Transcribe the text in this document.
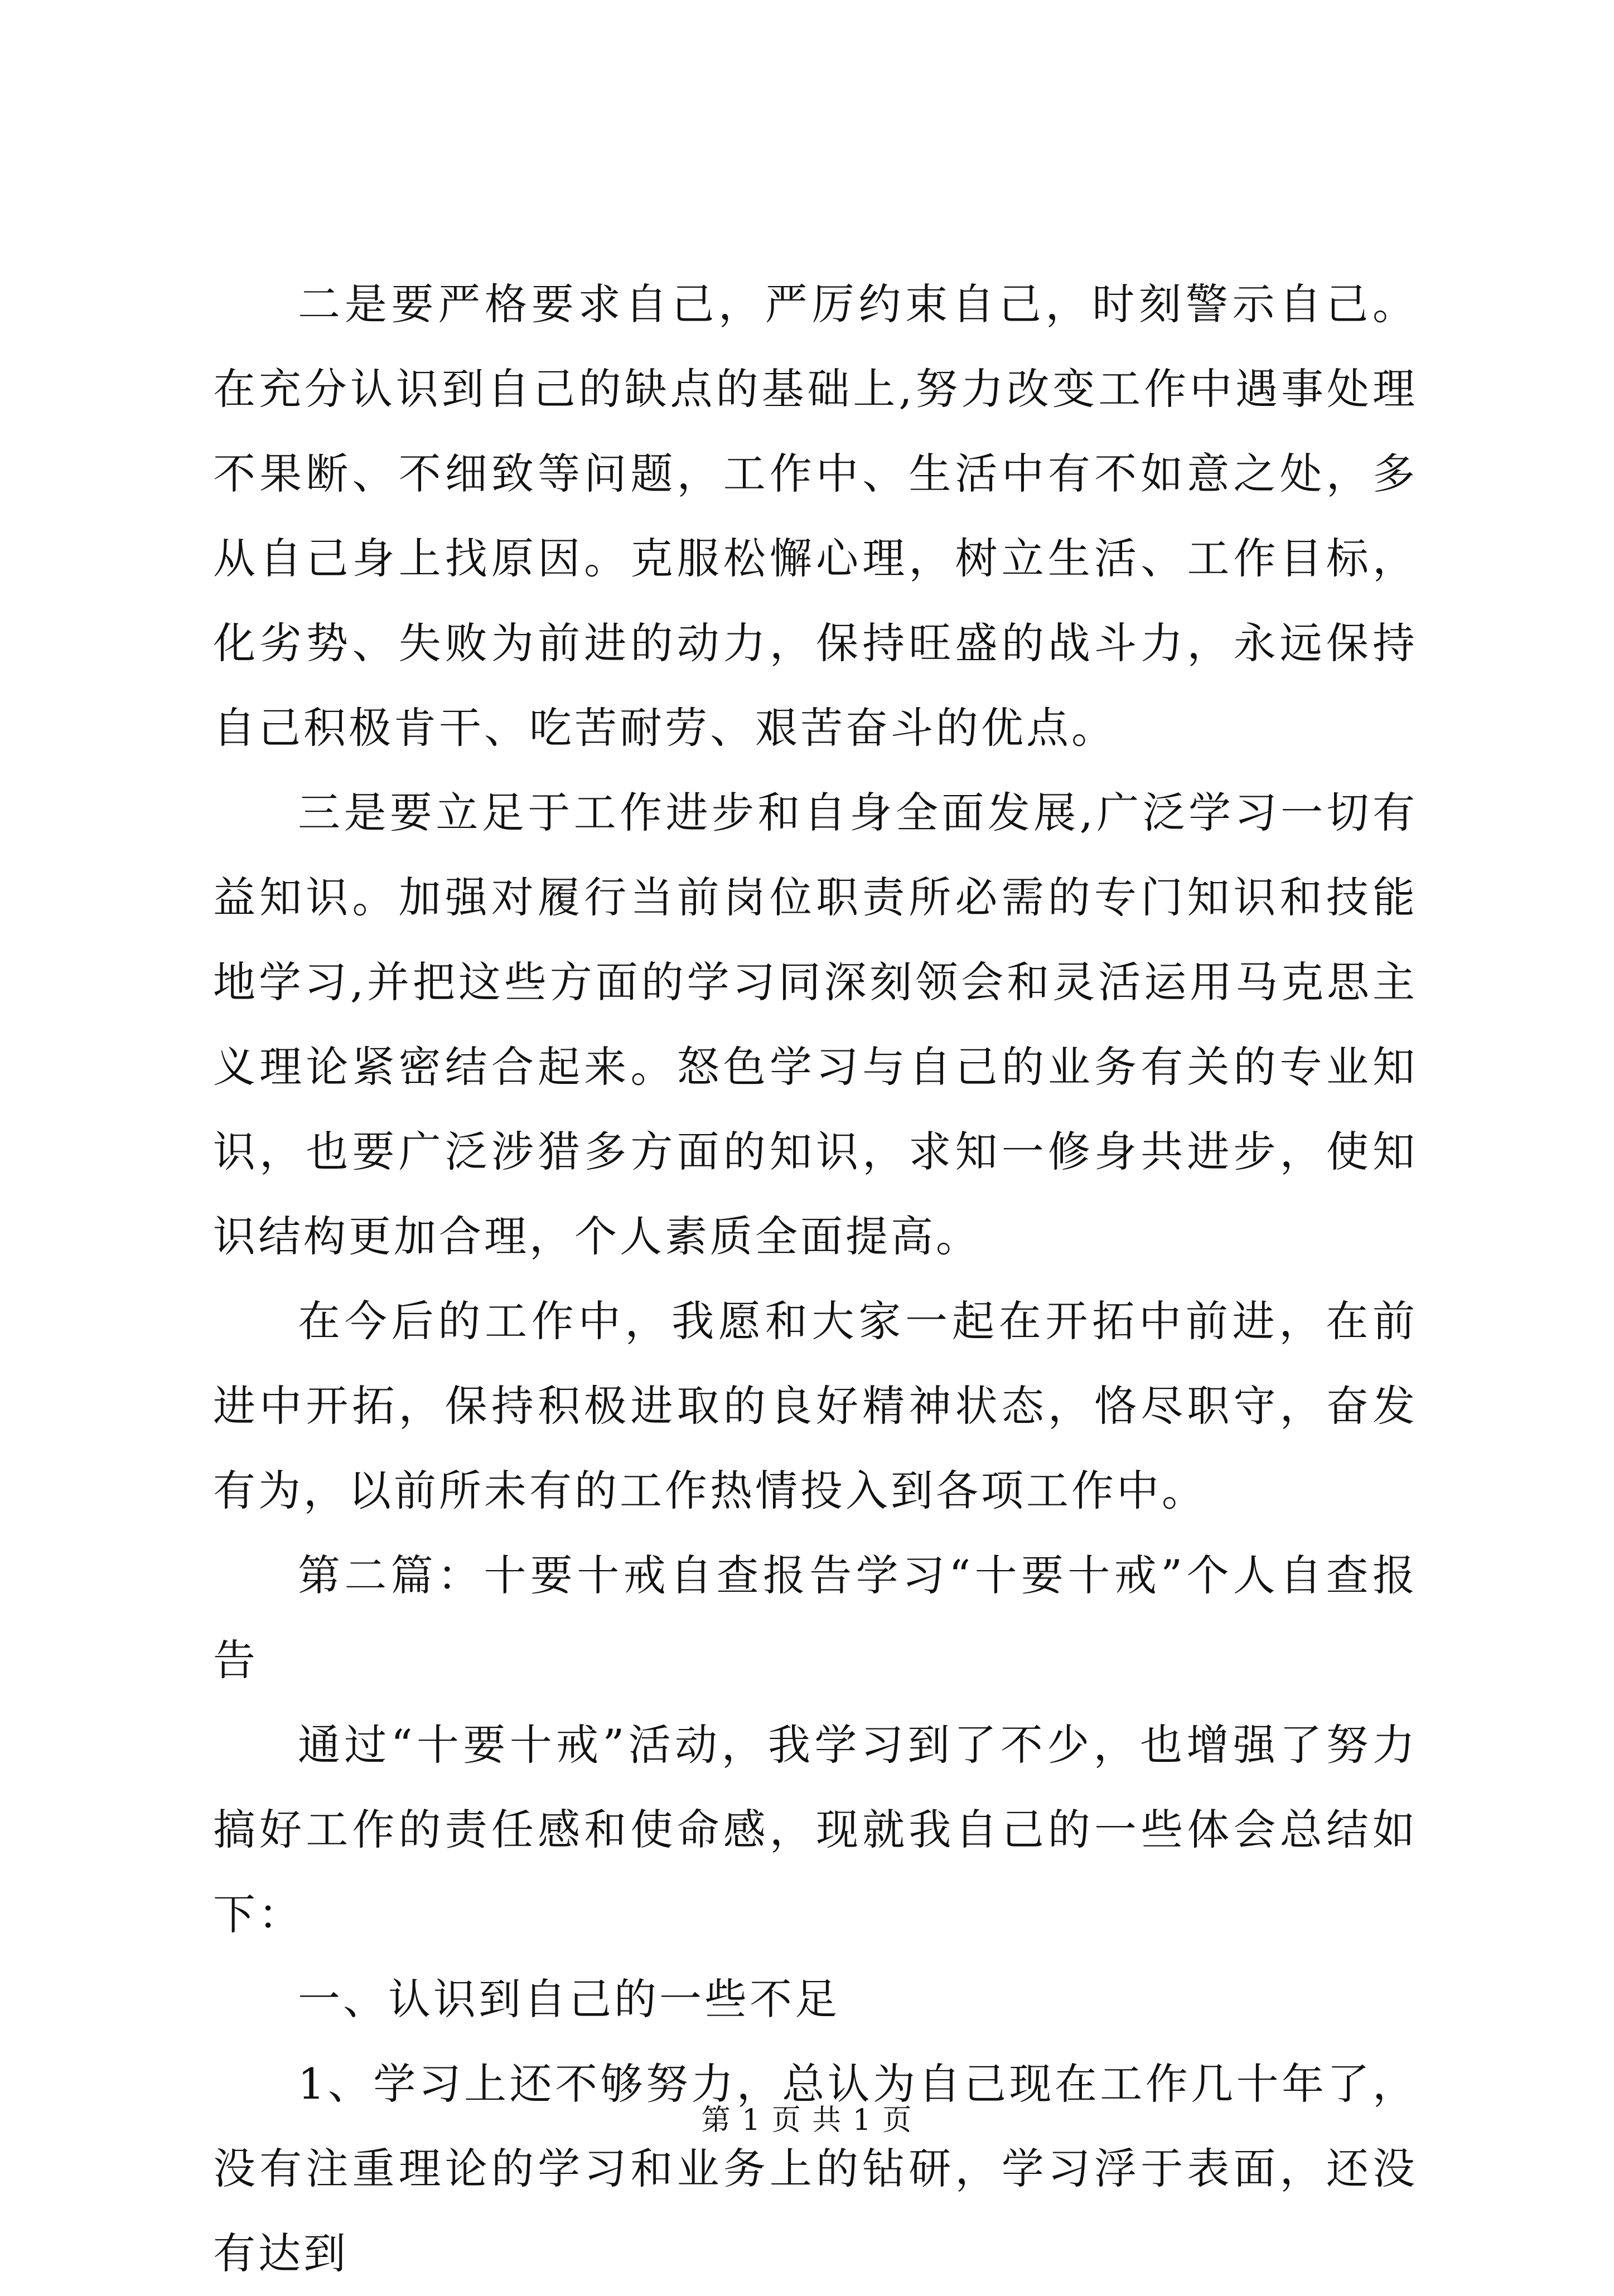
二是要严格要求自己，严厉约束自己，时刻警示自己。在充分认识到自己的缺点的基础上,努力改变工作中遇事处理不果断、不细致等问题，工作中、生活中有不如意之处，多从自己身上找原因。克服松懈心理，树立生活、工作目标，化劣势、失败为前进的动力，保持旺盛的战斗力，永远保持自己积极肯干、吃苦耐劳、艰苦奋斗的优点。

三是要立足于工作进步和自身全面发展,广泛学习一切有益知识。加强对履行当前岗位职责所必需的专门知识和技能地学习,并把这些方面的学习同深刻领会和灵活运用马克思主义理论紧密结合起来。怒色学习与自己的业务有关的专业知识，也要广泛涉猎多方面的知识，求知一修身共进步，使知识结构更加合理，个人素质全面提高。

在今后的工作中，我愿和大家一起在开拓中前进，在前进中开拓，保持积极进取的良好精神状态，恪尽职守，奋发有为，以前所未有的工作热情投入到各项工作中。

第二篇：十要十戒自查报告学习“十要十戒”个人自查报告

通过“十要十戒”活动，我学习到了不少，也增强了努力搞好工作的责任感和使命感，现就我自己的一些体会总结如下：

一、认识到自己的一些不足

1、学习上还不够努力，总认为自己现在工作几十年了，没有注重理论的学习和业务上的钻研，学习浮于表面，还没有达到

第 1 页 共 1 页
